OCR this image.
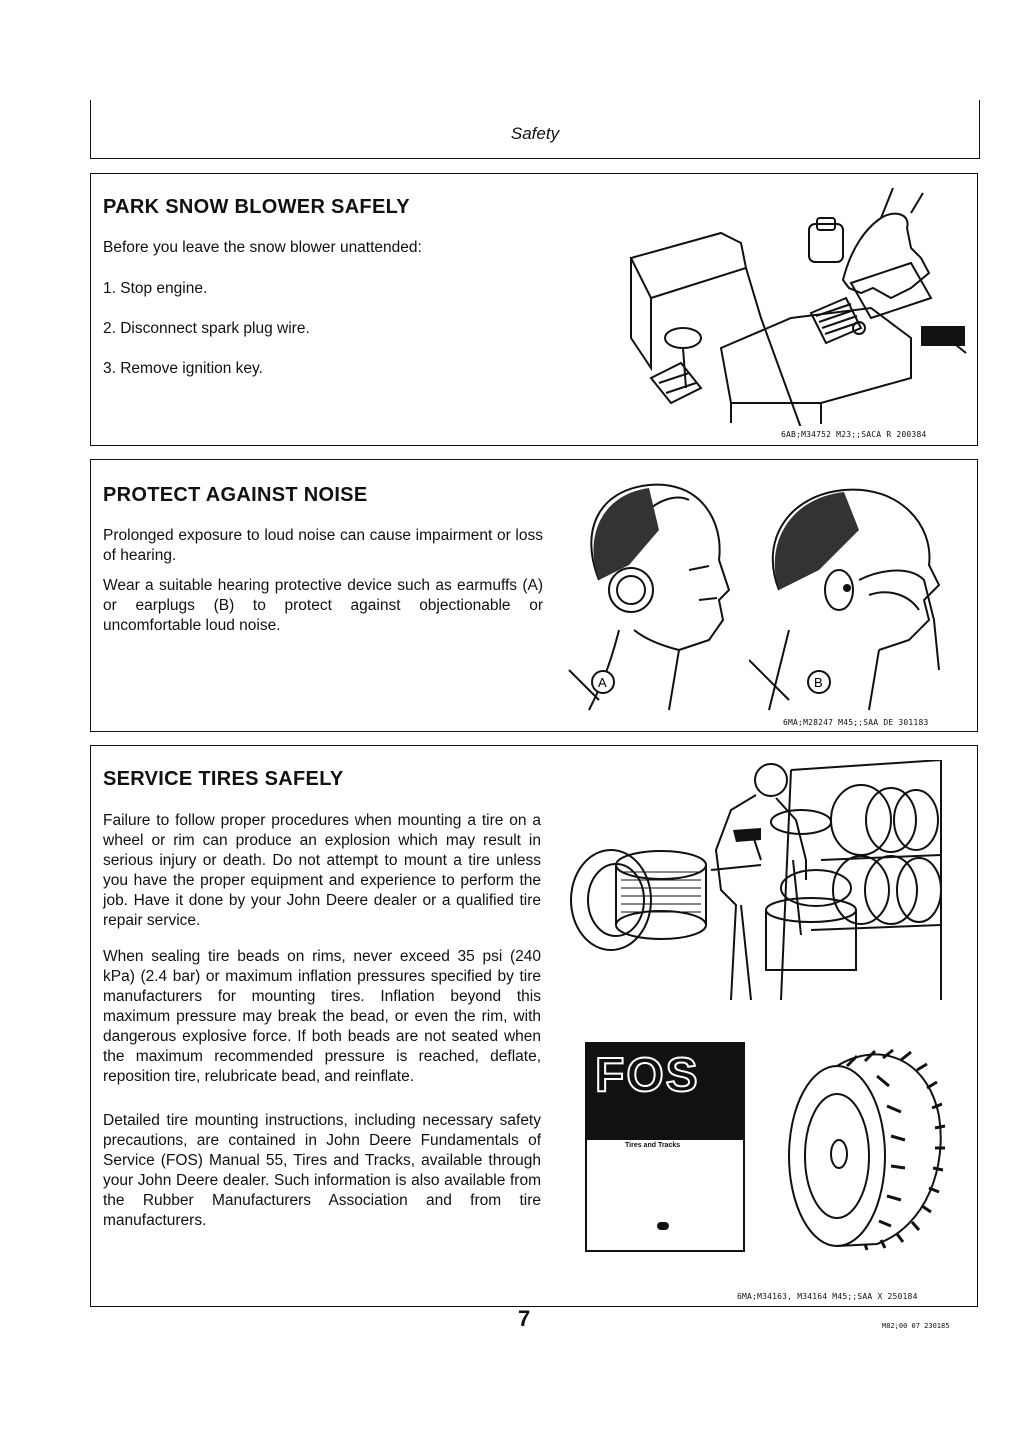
Safety
PARK SNOW BLOWER SAFELY

Before you leave the snow blower unattended:

1. Stop engine.

2. Disconnect spark plug wire.

3. Remove ignition key.

6AB;M34752 M23;;SACA R 200384
PROTECT AGAINST NOISE

Prolonged exposure to loud noise can cause impairment or loss of hearing.

Wear a suitable hearing protective device such as earmuffs (A) or earplugs (B) to protect against objectionable or uncomfortable loud noise.

A	B
6MA;M28247 M45;;SAA DE 301183
SERVICE TIRES SAFELY

Failure to follow proper procedures when mounting a tire on a wheel or rim can produce an explosion which may result in serious injury or death. Do not attempt to mount a tire unless you have the proper equipment and experience to perform the job. Have it done by your John Deere dealer or a qualified tire repair service.

When sealing tire beads on rims, never exceed 35 psi (240 kPa) (2.4 bar) or maximum inflation pressures specified by tire manufacturers for mounting tires. Inflation beyond this maximum pressure may break the bead, or even the rim, with dangerous explosive force. If both beads are not seated when the maximum recommended pressure is reached, deflate, reposition tire, relubricate bead, and reinflate.

Detailed tire mounting instructions, including necessary safety precautions, are contained in John Deere Fundamentals of Service (FOS) Manual 55, Tires and Tracks, available through your John Deere dealer. Such information is also available from the Rubber Manufacturers Association and from tire manufacturers.

FOS
Tires and Tracks
6MA;M34163, M34164 M45;;SAA X 250184
7	M82;00 07 230185
